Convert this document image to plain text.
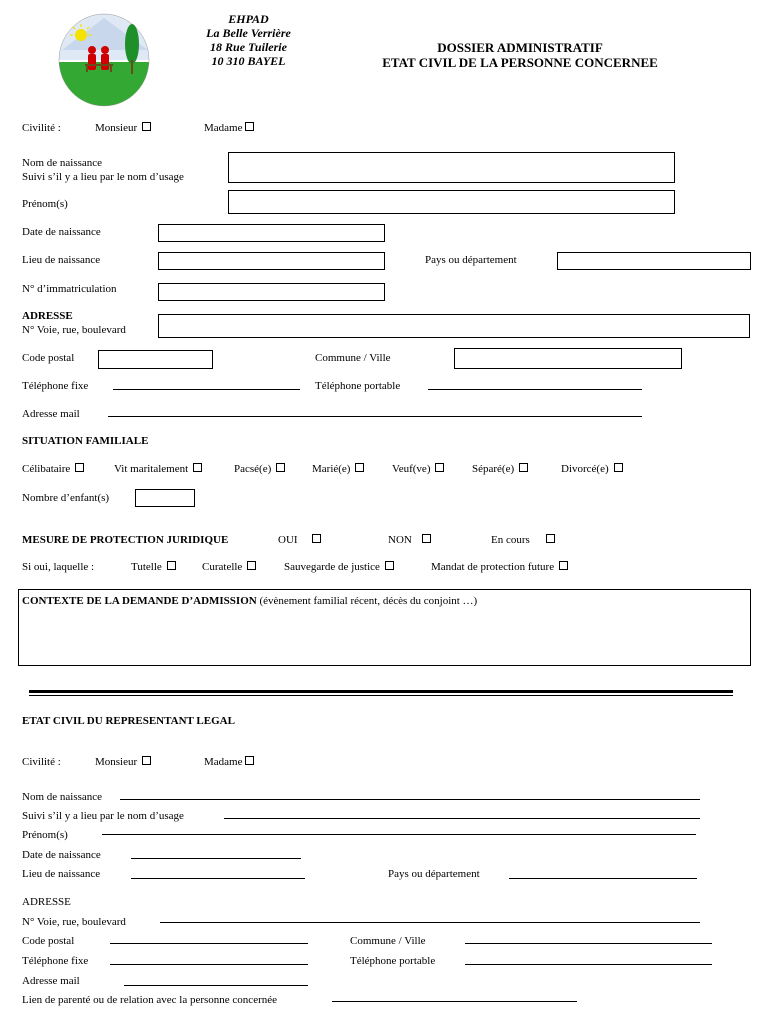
EHPAD
La Belle Verrière
18 Rue Tuilerie
10 310 BAYEL
DOSSIER ADMINISTRATIF
ETAT CIVIL DE LA PERSONNE CONCERNEE
Civilité :	Monsieur	Madame
Nom de naissance
Suivi s’il y a lieu par le nom d’usage
Prénom(s)
Date de naissance
Lieu de naissance	Pays ou département
N° d’immatriculation
ADRESSE
N° Voie, rue, boulevard
Code postal	Commune / Ville
Téléphone fixe	Téléphone portable
Adresse mail
SITUATION FAMILIALE
Célibataire	Vit maritalement	Pacsé(e)	Marié(e)	Veuf(ve)	Séparé(e)	Divorcé(e)
Nombre d’enfant(s)
MESURE DE PROTECTION JURIDIQUE	OUI	NON	En cours
Si oui, laquelle :	Tutelle	Curatelle	Sauvegarde de justice	Mandat de protection future
CONTEXTE DE LA DEMANDE D’ADMISSION (évènement familial récent, décès du conjoint …)
ETAT CIVIL DU REPRESENTANT LEGAL
Civilité :	Monsieur	Madame
Nom de naissance
Suivi s’il y a lieu par le nom d’usage
Prénom(s)
Date de naissance
Lieu de naissance	Pays ou département
ADRESSE
N° Voie, rue, boulevard
Code postal	Commune / Ville
Téléphone fixe	Téléphone portable
Adresse mail
Lien de parenté ou de relation avec la personne concernée
